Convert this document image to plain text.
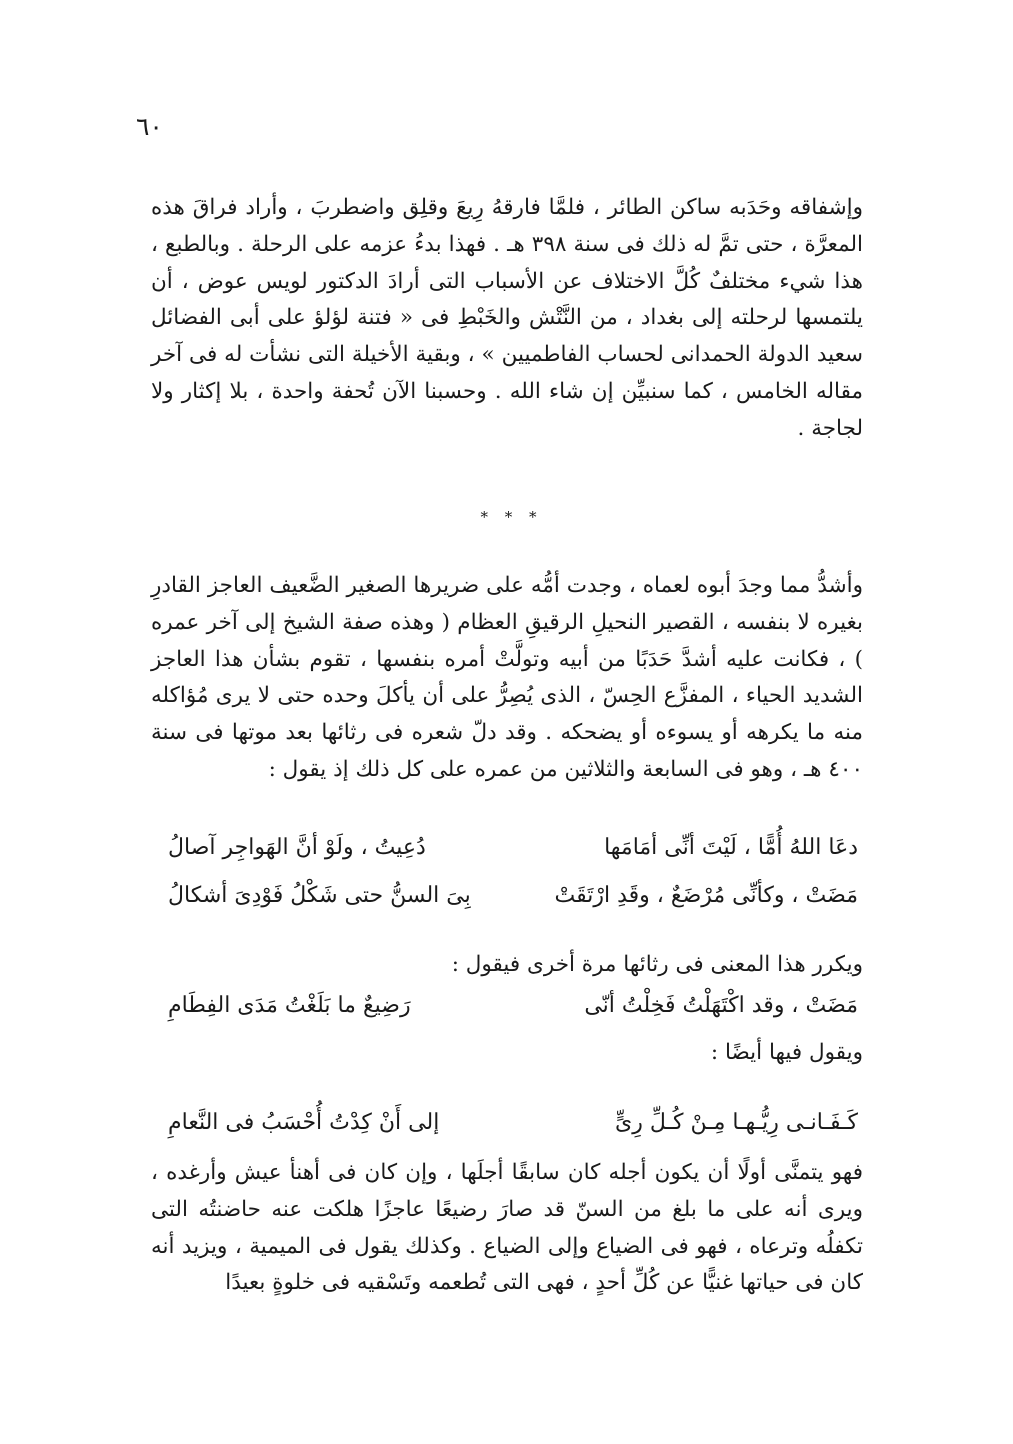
٦٠

وإشفاقه وحَدَبه ساكن الطائر ، فلمَّا فارقهُ رِيعَ وقلِق واضطربَ ، وأراد فراقَ هذه المعرَّة ، حتى تمَّ له ذلك فى سنة ٣٩٨ هـ . فهذا بدءُ عزمه على الرحلة . وبالطبع ، هذا شيء مختلفٌ كُلَّ الاختلاف عن الأسباب التى أرادَ الدكتور لويس عوض ، أن يلتمسها لرحلته إلى بغداد ، من النَّتْش والخَبْطِ فى « فتنة لؤلؤ على أبى الفضائل سعيد الدولة الحمدانى لحساب الفاطميين » ، وبقية الأخيلة التى نشأت له فى آخر مقاله الخامس ، كما سنبيِّن إن شاء الله . وحسبنا الآن تُحفة واحدة ، بلا إكثار ولا لجاجة .

* * *

وأشدُّ مما وجدَ أبوه لعماه ، وجدت أمُّه على ضريرها الصغير الضَّعيف العاجز القادرِ بغيره لا بنفسه ، القصير النحيلِ الرقيقِ العظام ( وهذه صفة الشيخ إلى آخر عمره ) ، فكانت عليه أشدَّ حَدَبًا من أبيه وتولَّتْ أمره بنفسها ، تقوم بشأن هذا العاجز الشديد الحياء ، المفزَّع الحِسّ ، الذى يُصِرُّ على أن يأكلَ وحده حتى لا يرى مُؤاكله منه ما يكرهه أو يسوءه أو يضحكه . وقد دلّ شعره فى رثائها بعد موتها فى سنة ٤٠٠ هـ ، وهو فى السابعة والثلاثين من عمره على كل ذلك إذ يقول :

دعَا اللهُ أُمًّا ، لَيْتَ أنِّى أمَامَها
دُعِيتُ ، ولَوْ أنَّ الهَواجِر آصالُ
مَضَتْ ، وكأنِّى مُرْضَعٌ ، وقَدِ ارْتَقَتْ
بِىَ السنُّ حتى شَكْلُ فَوْدِىَ أشكالُ

ويكرر هذا المعنى فى رثائها مرة أخرى فيقول :

مَضَتْ ، وقد اكْتَهَلْتُ فَخِلْتُ أنّى
رَضِيعٌ ما بَلَغْتُ مَدَى الفِطَامِ

ويقول فيها أيضًا :

كَـفَـانـى رِيُّـهـا مِـنْ كُـلِّ رِىٍّ
إلى أَنْ كِدْتُ أُحْسَبُ فى النَّعامِ

فهو يتمنَّى أولًا أن يكون أجله كان سابقًا أجلَها ، وإن كان فى أهنأ عيش وأرغده ، ويرى أنه على ما بلغ من السنّ قد صارَ رضيعًا عاجزًا هلكت عنه حاضنتُه التى تكفلُه وترعاه ، فهو فى الضياع وإلى الضياع . وكذلك يقول فى الميمية ، ويزيد أنه كان فى حياتها غنيًّا عن كُلِّ أحدٍ ، فهى التى تُطعمه وتَسْقيه فى خلوةٍ بعيدًا
